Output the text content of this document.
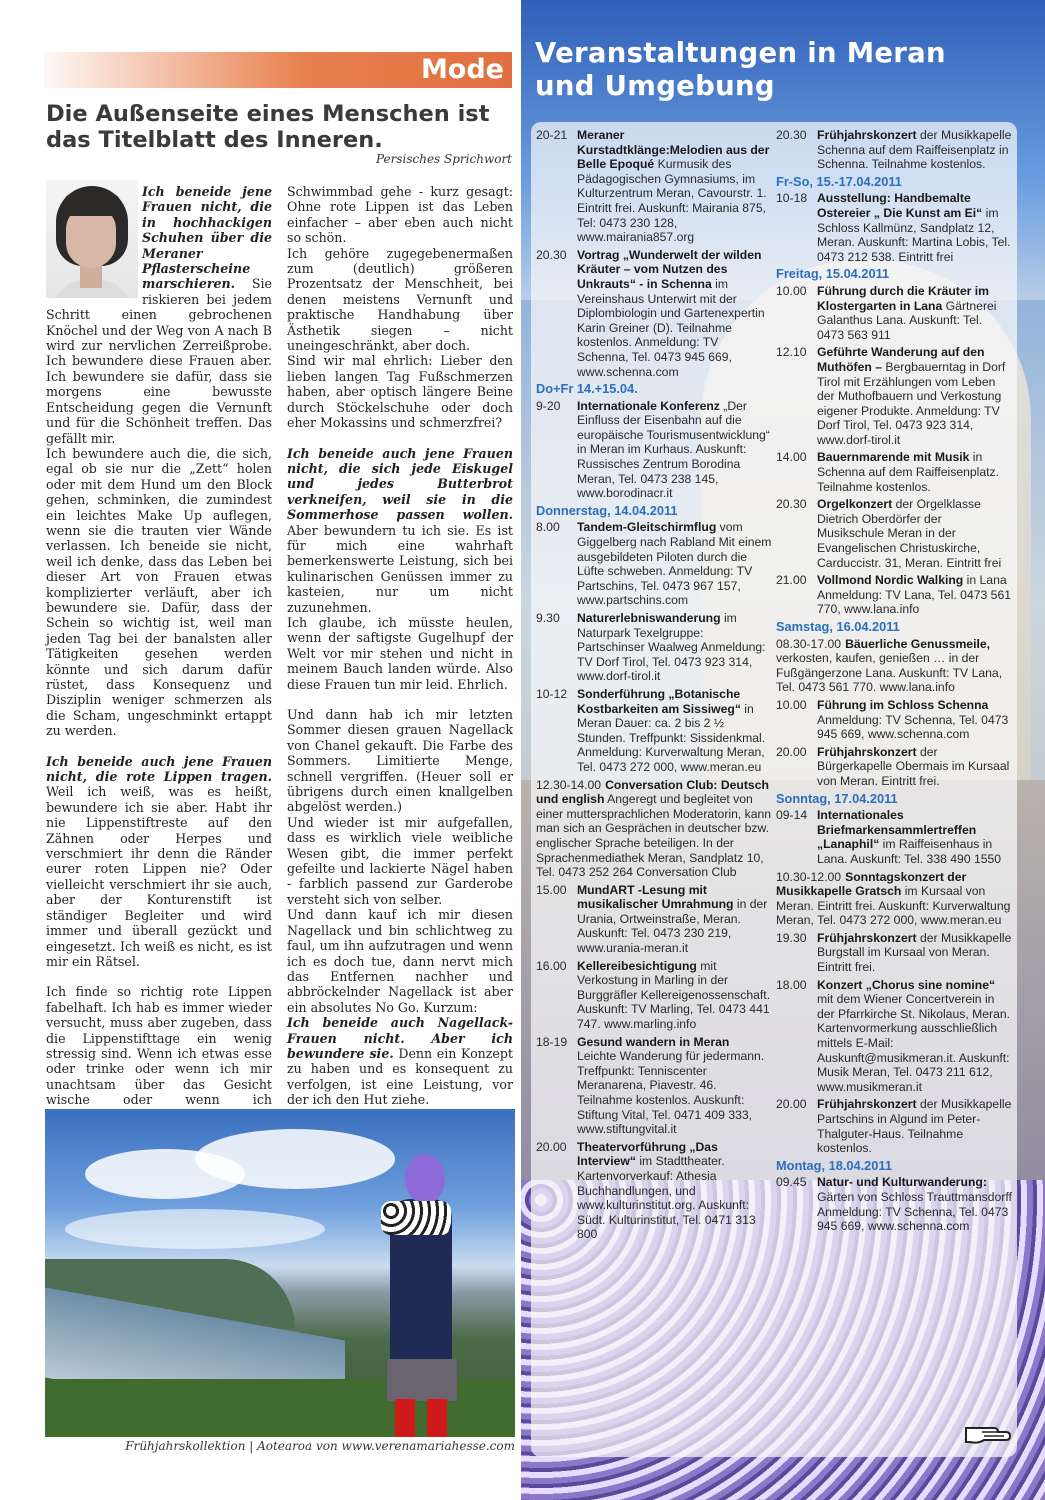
Mode
Die Außenseite eines Menschen ist das Titelblatt des Inneren.
Persisches Sprichwort

Ich beneide jene Frauen nicht, die in hochhackigen Schuhen über die Meraner Pflasterscheine marschieren. Sie riskieren bei jedem Schritt einen gebrochenen Knöchel und der Weg von A nach B wird zur nervlichen Zerreißprobe. Ich bewundere diese Frauen aber. Ich bewundere sie dafür, dass sie morgens eine bewusste Entscheidung gegen die Vernunft und für die Schönheit treffen. Das gefällt mir.

Ich bewundere auch die, die sich, egal ob sie nur die „Zett“ holen oder mit dem Hund um den Block gehen, schminken, die zumindest ein leichtes Make Up auflegen, wenn sie die trauten vier Wände verlassen. Ich beneide sie nicht, weil ich denke, dass das Leben bei dieser Art von Frauen etwas komplizierter verläuft, aber ich bewundere sie. Dafür, dass der Schein so wichtig ist, weil man jeden Tag bei der banalsten aller Tätigkeiten gesehen werden könnte und sich darum dafür rüstet, dass Konsequenz und Disziplin weniger schmerzen als die Scham, ungeschminkt ertappt zu werden.

Ich beneide auch jene Frauen nicht, die rote Lippen tragen. Weil ich weiß, was es heißt, bewundere ich sie aber. Habt ihr nie Lippenstiftreste auf den Zähnen oder Herpes und verschmiert ihr denn die Ränder eurer roten Lippen nie? Oder vielleicht verschmiert ihr sie auch, aber der Konturenstift ist ständiger Begleiter und wird immer und überall gezückt und eingesetzt. Ich weiß es nicht, es ist mir ein Rätsel.

Ich finde so richtig rote Lippen fabelhaft. Ich hab es immer wieder versucht, muss aber zugeben, dass die Lippenstifttage ein wenig stressig sind. Wenn ich etwas esse oder trinke oder wenn ich mir unachtsam über das Gesicht wische oder wenn ich

Schwimmbad gehe - kurz gesagt: Ohne rote Lippen ist das Leben einfacher – aber eben auch nicht so schön.

Ich gehöre zugegebenermaßen zum (deutlich) größeren Prozentsatz der Menschheit, bei denen meistens Vernunft und praktische Handhabung über Ästhetik siegen – nicht uneingeschränkt, aber doch.

Sind wir mal ehrlich: Lieber den lieben langen Tag Fußschmerzen haben, aber optisch längere Beine durch Stöckelschuhe oder doch eher Mokassins und schmerzfrei?

Ich beneide auch jene Frauen nicht, die sich jede Eiskugel und jedes Butterbrot verkneifen, weil sie in die Sommerhose passen wollen. Aber bewundern tu ich sie. Es ist für mich eine wahrhaft bemerkenswerte Leistung, sich bei kulinarischen Genüssen immer zu kasteien, nur um nicht zuzunehmen.

Ich glaube, ich müsste heulen, wenn der saftigste Gugelhupf der Welt vor mir stehen und nicht in meinem Bauch landen würde. Also diese Frauen tun mir leid. Ehrlich.

Und dann hab ich mir letzten Sommer diesen grauen Nagellack von Chanel gekauft. Die Farbe des Sommers. Limitierte Menge, schnell vergriffen. (Heuer soll er übrigens durch einen knallgelben abgelöst werden.)

Und wieder ist mir aufgefallen, dass es wirklich viele weibliche Wesen gibt, die immer perfekt gefeilte und lackierte Nägel haben - farblich passend zur Garderobe versteht sich von selber.

Und dann kauf ich mir diesen Nagellack und bin schlichtweg zu faul, um ihn aufzutragen und wenn ich es doch tue, dann nervt mich das Entfernen nachher und abbröckelnder Nagellack ist aber ein absolutes No Go. Kurzum:

Ich beneide auch Nagellack-Frauen nicht. Aber ich bewundere sie. Denn ein Konzept zu haben und es konsequent zu verfolgen, ist eine Leistung, vor der ich den Hut ziehe.

Frühjahrskollektion | Aotearoa von www.verenamariahesse.com
Veranstaltungen in Meran und Umgebung
20-21 Meraner Kurstadtklänge:Melodien aus der Belle Epoqué Kurmusik des Pädagogischen Gymnasiums, im Kulturzentrum Meran, Cavourstr. 1. Eintritt frei. Auskunft: Mairania 875, Tel: 0473 230 128, www.mairania857.org
20.30 Vortrag „Wunderwelt der wilden Kräuter – vom Nutzen des Unkrauts“ - in Schenna im Vereinshaus Unterwirt mit der Diplombiologin und Gartenexpertin Karin Greiner (D). Teilnahme kostenlos. Anmeldung: TV Schenna, Tel. 0473 945 669, www.schenna.com
Do+Fr 14.+15.04.
9-20	Internationale Konferenz „Der Einfluss der Eisenbahn auf die europäische Tourismusentwicklung“ in Meran im Kurhaus. Auskunft: Russisches Zentrum Borodina Meran, Tel. 0473 238 145, www.borodinacr.it
Donnerstag, 14.04.2011
8.00	Tandem-Gleitschirmflug vom Giggelberg nach Rabland Mit einem ausgebildeten Piloten durch die Lüfte schweben. Anmeldung: TV Partschins, Tel. 0473 967 157, www.partschins.com
9.30	Naturerlebniswanderung im Naturpark Texelgruppe: Partschinser Waalweg Anmeldung: TV Dorf Tirol, Tel. 0473 923 314, www.dorf-tirol.it
10-12 Sonderführung „Botanische Kostbarkeiten am Sissiweg“ in Meran Dauer: ca. 2 bis 2 ½ Stunden. Treffpunkt: Sissidenkmal. Anmeldung: Kurverwaltung Meran, Tel. 0473 272 000, www.meran.eu
12.30-14.00 Conversation Club: Deutsch und english Angeregt und begleitet von einer muttersprachlichen Moderatorin, kann man sich an Gesprächen in deutscher bzw. englischer Sprache beteiligen. In der Sprachenmediathek Meran, Sandplatz 10, Tel. 0473 252 264 Conversation Club
15.00 MundART -Lesung mit musikalischer Umrahmung in der Urania, Ortweinstraße, Meran. Auskunft: Tel. 0473 230 219, www.urania-meran.it
16.00 Kellereibesichtigung mit Verkostung in Marling in der Burggräfler Kellereigenossenschaft. Auskunft: TV Marling, Tel. 0473 441 747. www.marling.info
18-19 Gesund wandern in Meran Leichte Wanderung für jedermann. Treffpunkt: Tenniscenter Meranarena, Piavestr. 46. Teilnahme kostenlos. Auskunft: Stiftung Vital, Tel. 0471 409 333, www.stiftungvital.it
20.00 Theatervorführung „Das Interview“ im Stadttheater. Kartenvorverkauf: Athesia Buchhandlungen, und www.kulturinstitut.org. Auskunft: Südt. Kulturinstitut, Tel. 0471 313 800
20.30 Frühjahrskonzert der Musikkapelle Schenna auf dem Raiffeisenplatz in Schenna. Teilnahme kostenlos.
Fr-So, 15.-17.04.2011
10-18 Ausstellung: Handbemalte Ostereier „ Die Kunst am Ei“ im Schloss Kallmünz, Sandplatz 12, Meran. Auskunft: Martina Lobis, Tel. 0473 212 538. Eintritt frei
Freitag, 15.04.2011
10.00 Führung durch die Kräuter im Klostergarten in Lana Gärtnerei Galanthus Lana. Auskunft: Tel. 0473 563 911
12.10 Geführte Wanderung auf den Muthöfen – Bergbauerntag in Dorf Tirol mit Erzählungen vom Leben der Muthofbauern und Verkostung eigener Produkte. Anmeldung: TV Dorf Tirol, Tel. 0473 923 314, www.dorf-tirol.it
14.00 Bauernmarende mit Musik in Schenna auf dem Raiffeisenplatz. Teilnahme kostenlos.
20.30 Orgelkonzert der Orgelklasse Dietrich Oberdörfer der Musikschule Meran in der Evangelischen Christuskirche, Carduccistr. 31, Meran. Eintritt frei
21.00 Vollmond Nordic Walking in Lana Anmeldung: TV Lana, Tel. 0473 561 770, www.lana.info
Samstag, 16.04.2011
08.30-17.00 Bäuerliche Genussmeile, verkosten, kaufen, genießen … in der Fußgängerzone Lana. Auskunft: TV Lana, Tel. 0473 561 770. www.lana.info
10.00 Führung im Schloss Schenna Anmeldung: TV Schenna, Tel. 0473 945 669, www.schenna.com
20.00 Frühjahrskonzert der Bürgerkapelle Obermais im Kursaal von Meran. Eintritt frei.
Sonntag, 17.04.2011
09-14 Internationales Briefmarkensammlertreffen „Lanaphil“ im Raiffeisenhaus in Lana. Auskunft: Tel. 338 490 1550
10.30-12.00 Sonntagskonzert der Musikkapelle Gratsch im Kursaal von Meran. Eintritt frei. Auskunft: Kurverwaltung Meran, Tel. 0473 272 000, www.meran.eu
19.30 Frühjahrskonzert der Musikkapelle Burgstall im Kursaal von Meran. Eintritt frei.
18.00 Konzert „Chorus sine nomine“ mit dem Wiener Concertverein in der Pfarrkirche St. Nikolaus, Meran. Kartenvormerkung ausschließlich mittels E-Mail: Auskunft@musikmeran.it. Auskunft: Musik Meran, Tel. 0473 211 612, www.musikmeran.it
20.00 Frühjahrskonzert der Musikkapelle Partschins in Algund im Peter-Thalguter-Haus. Teilnahme kostenlos.
Montag, 18.04.2011
09.45 Natur- und Kulturwanderung: Gärten von Schloss Trauttmansdorff Anmeldung: TV Schenna, Tel. 0473 945 669, www.schenna.com
